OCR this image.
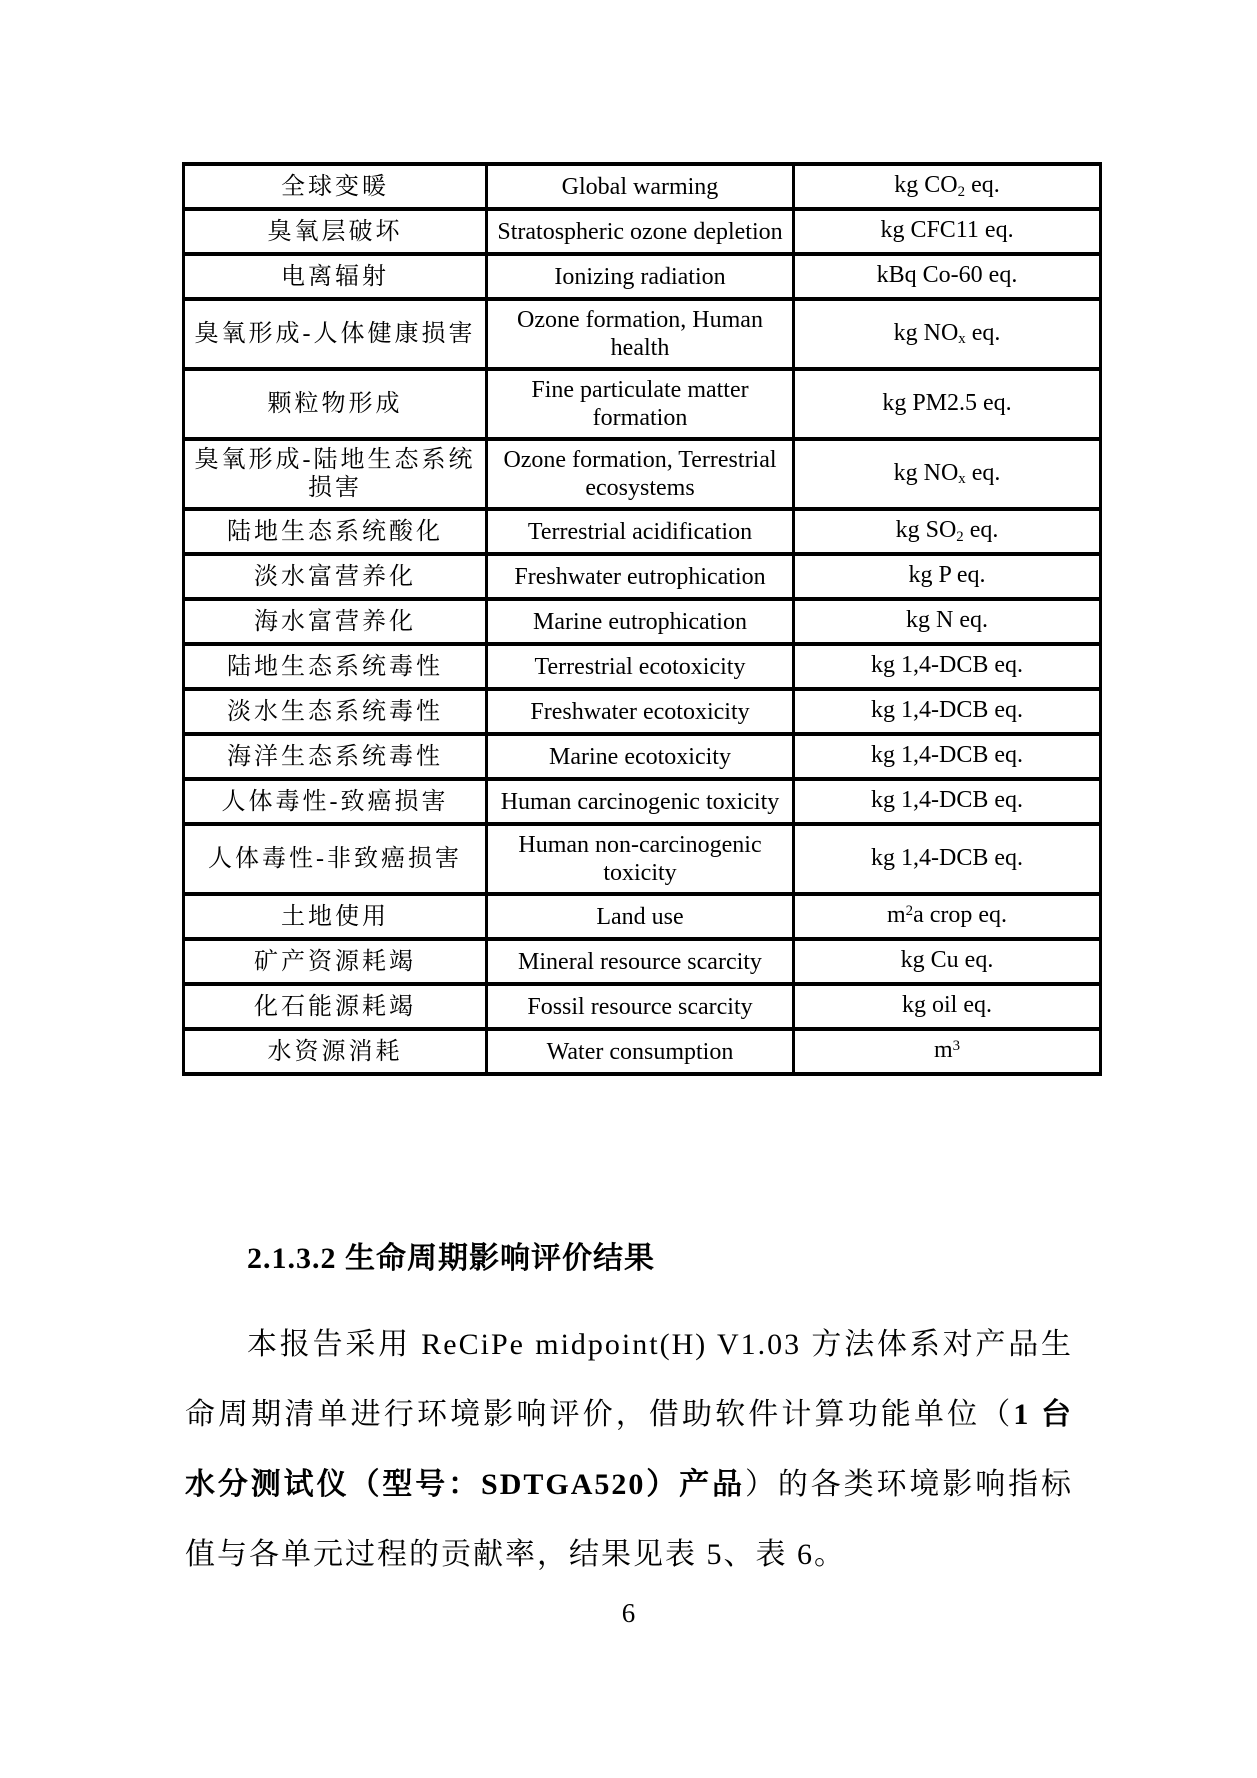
全球变暖	Global warming	kg $CO_2$ eq.
臭氧层破坏	Stratospheric ozone depletion	kg CFC11 eq.
电离辐射	Ionizing radiation	kBq Co-60 eq.
臭氧形成-人体健康损害	Ozone formation, Human health	kg $NO_x$ eq.
颗粒物形成	Fine particulate matter formation	kg PM2.5 eq.
臭氧形成-陆地生态系统损害	Ozone formation, Terrestrial ecosystems	kg $NO_x$ eq.
陆地生态系统酸化	Terrestrial acidification	kg $SO_2$ eq.
淡水富营养化	Freshwater eutrophication	kg P eq.
海水富营养化	Marine eutrophication	kg N eq.
陆地生态系统毒性	Terrestrial ecotoxicity	kg 1,4-DCB eq.
淡水生态系统毒性	Freshwater ecotoxicity	kg 1,4-DCB eq.
海洋生态系统毒性	Marine ecotoxicity	kg 1,4-DCB eq.
人体毒性-致癌损害	Human carcinogenic toxicity	kg 1,4-DCB eq.
人体毒性-非致癌损害	Human non-carcinogenic toxicity	kg 1,4-DCB eq.
土地使用	Land use	$m^2a$ crop eq.
矿产资源耗竭	Mineral resource scarcity	kg Cu eq.
化石能源耗竭	Fossil resource scarcity	kg oil eq.
水资源消耗	Water consumption	$m^3$
2.1.3.2 生命周期影响评价结果

本报告采用 ReCiPe midpoint(H) V1.03 方法体系对产品生命周期清单进行环境影响评价，借助软件计算功能单位（1 台水分测试仪（型号：SDTGA520）产品）的各类环境影响指标值与各单元过程的贡献率，结果见表 5、表 6。

6
